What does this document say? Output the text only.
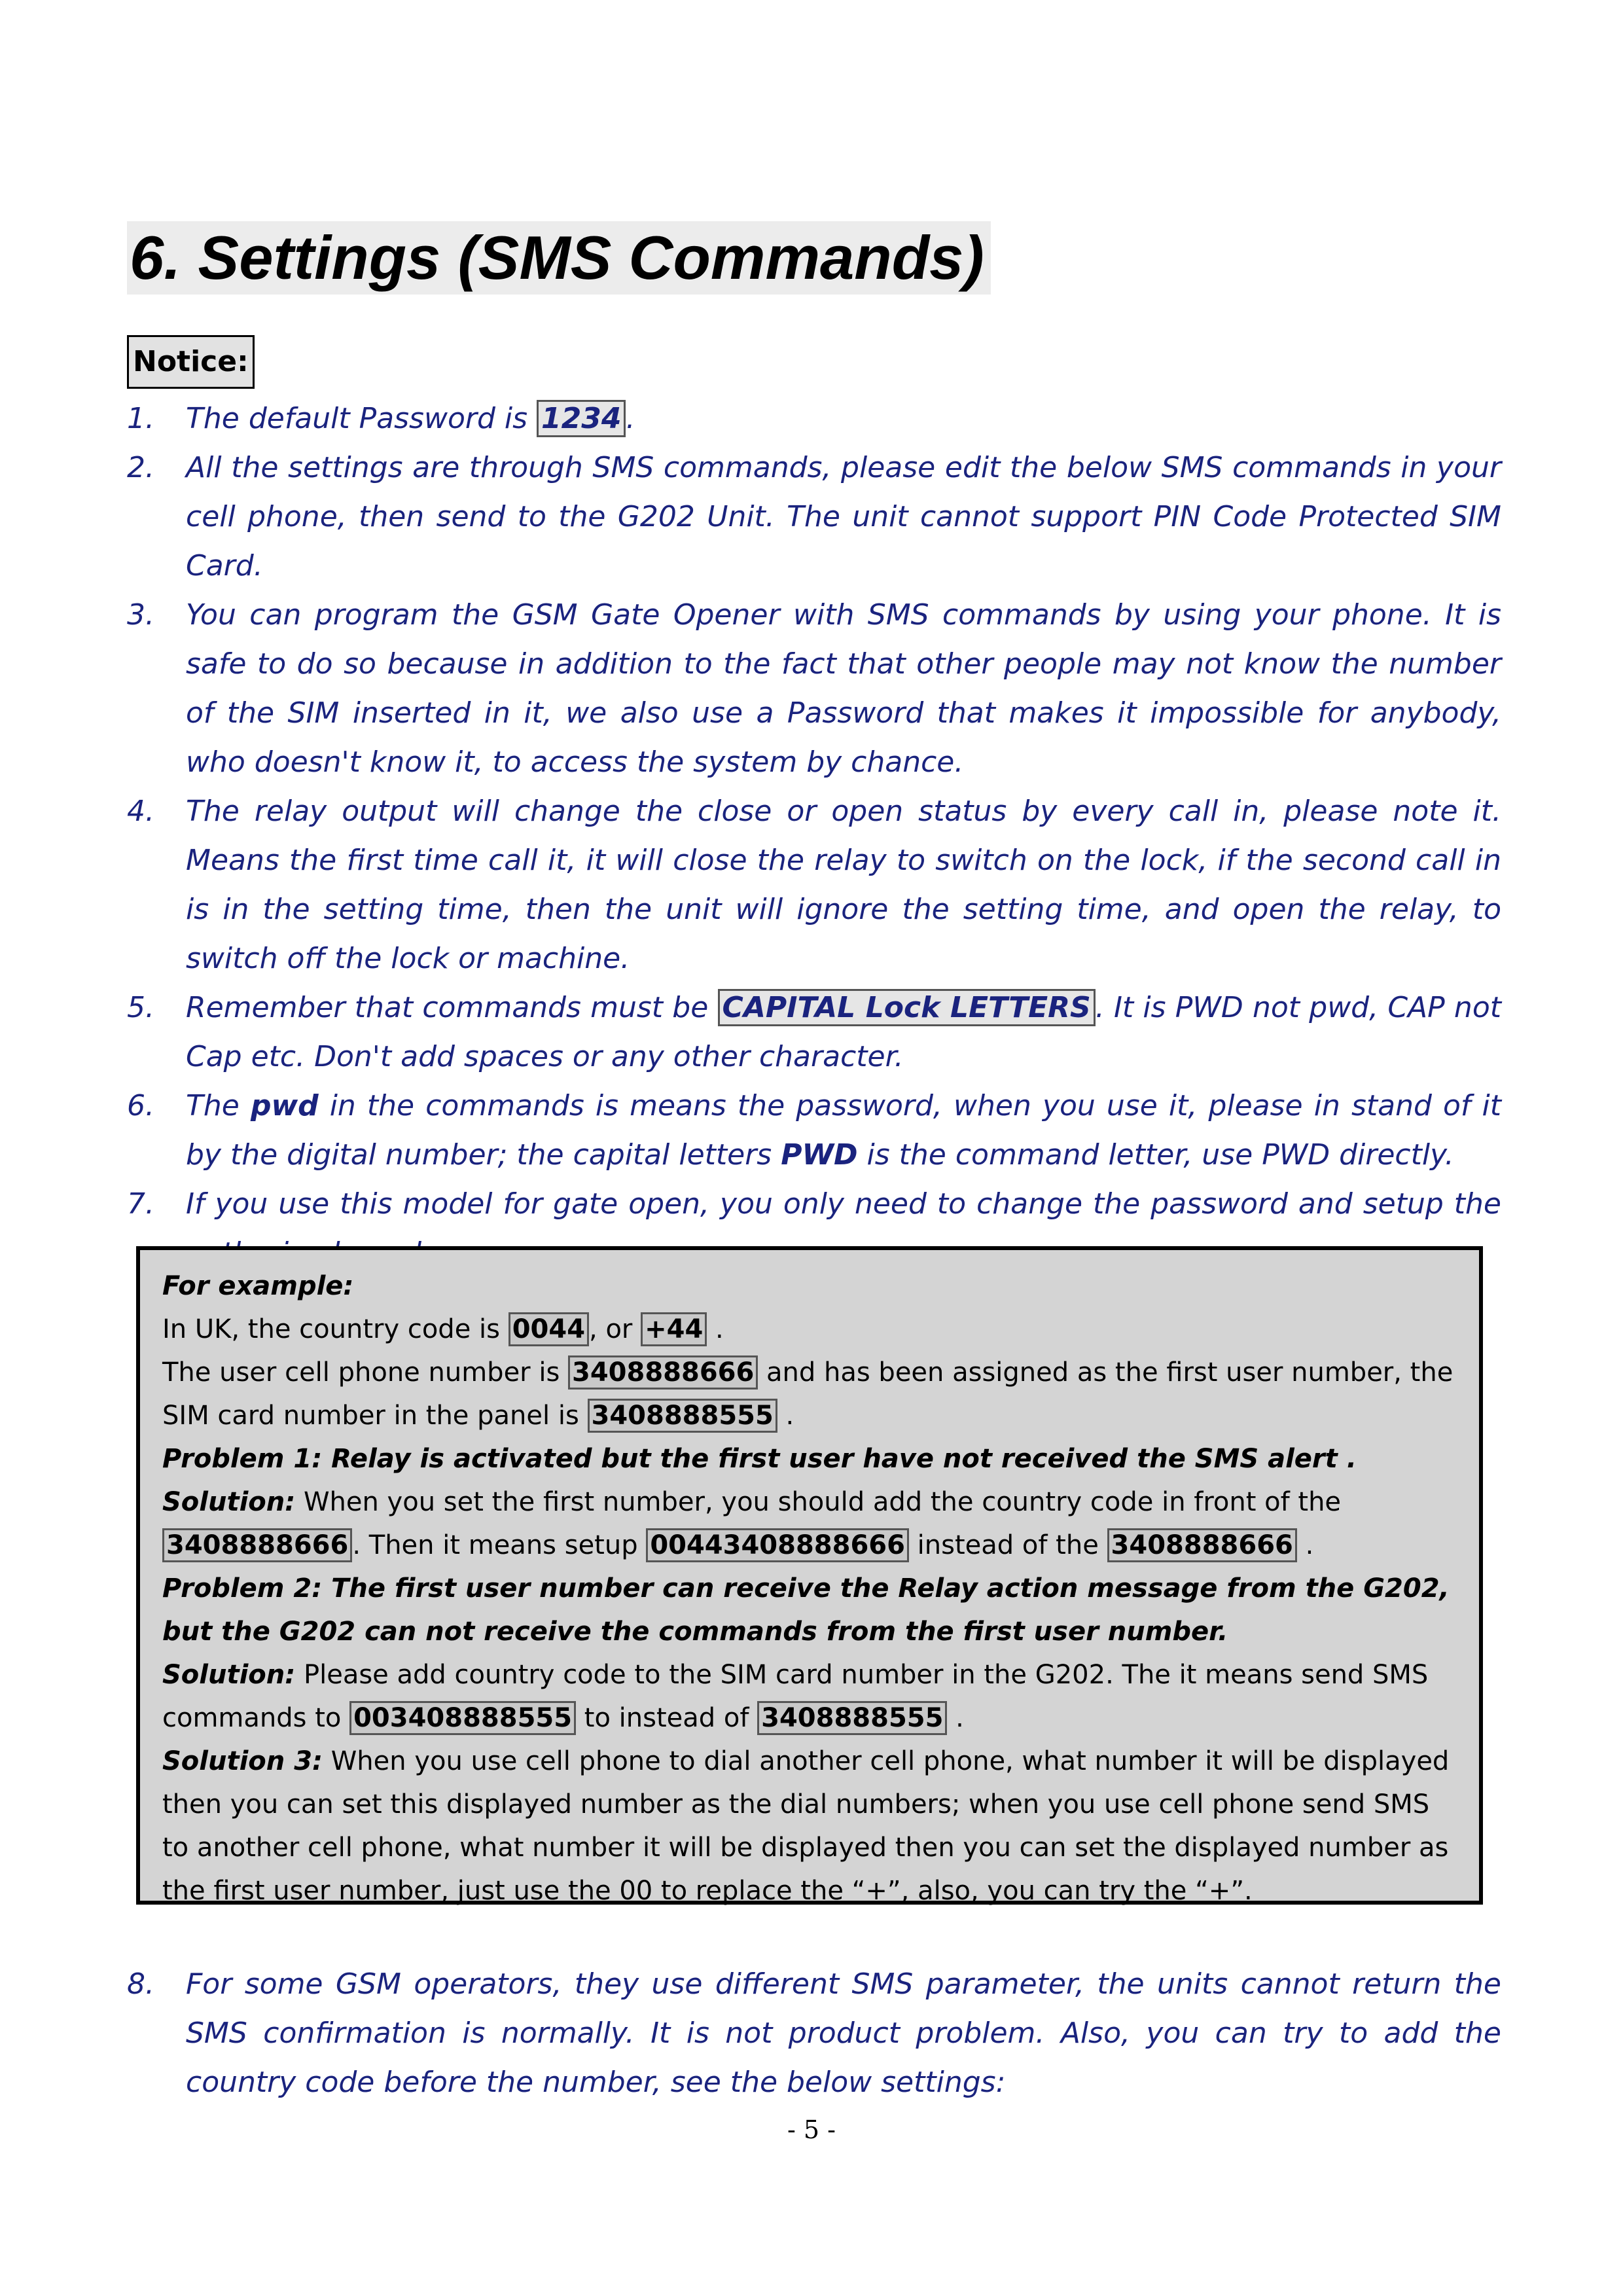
6. Settings (SMS Commands)
Notice:
1. The default Password is 1234 .
2. All the settings are through SMS commands, please edit the below SMS commands in your cell phone, then send to the G202 Unit. The unit cannot support PIN Code Protected SIM Card.
3. You can program the GSM Gate Opener with SMS commands by using your phone. It is safe to do so because in addition to the fact that other people may not know the number of the SIM inserted in it, we also use a Password that makes it impossible for anybody, who doesn't know it, to access the system by chance.
4. The relay output will change the close or open status by every call in, please note it. Means the first time call it, it will close the relay to switch on the lock, if the second call in is in the setting time, then the unit will ignore the setting time, and open the relay, to switch off the lock or machine.
5. Remember that commands must be CAPITAL Lock LETTERS . It is PWD not pwd, CAP not Cap etc. Don't add spaces or any other character.
6. The pwd in the commands is means the password, when you use it, please in stand of it by the digital number; the capital letters PWD is the command letter, use PWD directly.
7. If you use this model for gate open, you only need to change the password and setup the

For example:

In UK, the country code is 0044 , or +44 .

The user cell phone number is 3408888666 and has been assigned as the first user number, the SIM card number in the panel is 3408888555 .

Problem 1: Relay is activated but the first user have not received the SMS alert .

Solution: When you set the first number, you should add the country code in front of the 3408888666 . Then it means setup 00443408888666 instead of the 3408888666 .

Problem 2: The first user number can receive the Relay action message from the G202, but the G202 can not receive the commands from the first user number.

Solution: Please add country code to the SIM card number in the G202. The it means send SMS commands to 003408888555 to instead of 3408888555 .

Solution 3: When you use cell phone to dial another cell phone, what number it will be displayed then you can set this displayed number as the dial numbers; when you use cell phone send SMS to another cell phone, what number it will be displayed then you can set the displayed number as the first user number, just use the 00 to replace the “+”, also, you can try the “+”.

8. For some GSM operators, they use different SMS parameter, the units cannot return the SMS confirmation is normally. It is not product problem. Also, you can try to add the country code before the number, see the below settings:
- 5 -
